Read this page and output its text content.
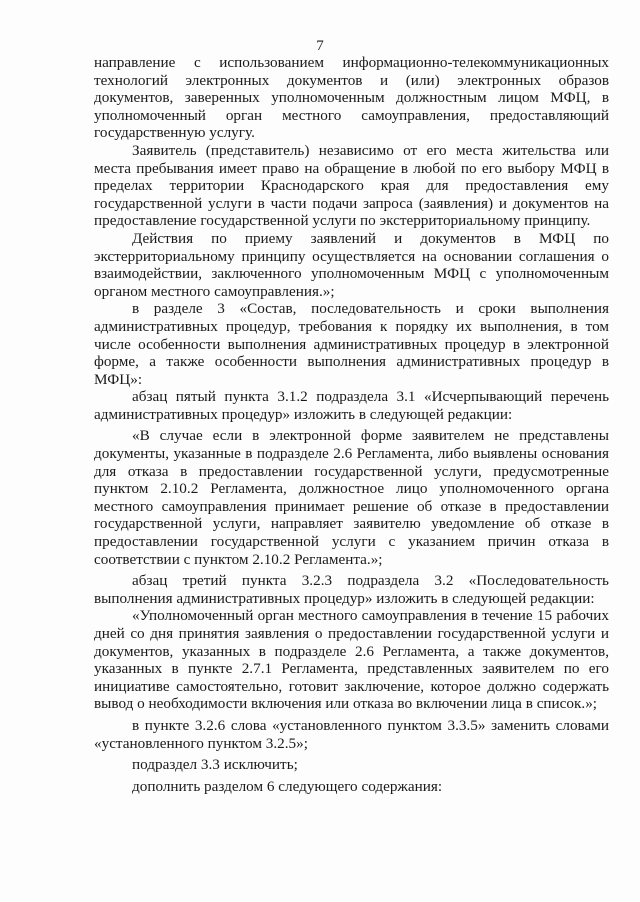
7

направление с использованием информационно-телекоммуникационных технологий электронных документов и (или) электронных образов документов, заверенных уполномоченным должностным лицом МФЦ, в уполномоченный орган местного самоуправления, предоставляющий государственную услугу.

Заявитель (представитель) независимо от его места жительства или места пребывания имеет право на обращение в любой по его выбору МФЦ в пределах территории Краснодарского края для предоставления ему государственной услуги в части подачи запроса (заявления) и документов на предоставление государственной услуги по экстерриториальному принципу.

Действия по приему заявлений и документов в МФЦ по экстерриториальному принципу осуществляется на основании соглашения о взаимодействии, заключенного уполномоченным МФЦ с уполномоченным органом местного самоуправления.»;

в разделе 3 «Состав, последовательность и сроки выполнения административных процедур, требования к порядку их выполнения, в том числе особенности выполнения административных процедур в электронной форме, а также особенности выполнения административных процедур в МФЦ»:

абзац пятый пункта 3.1.2 подраздела 3.1 «Исчерпывающий перечень административных процедур» изложить в следующей редакции:

«В случае если в электронной форме заявителем не представлены документы, указанные в подразделе 2.6 Регламента, либо выявлены основания для отказа в предоставлении государственной услуги, предусмотренные пунктом 2.10.2 Регламента, должностное лицо уполномоченного органа местного самоуправления принимает решение об отказе в предоставлении государственной услуги, направляет заявителю уведомление об отказе в предоставлении государственной услуги с указанием причин отказа в соответствии с пунктом 2.10.2 Регламента.»;

абзац третий пункта 3.2.3 подраздела 3.2 «Последовательность выполнения административных процедур» изложить в следующей редакции:

«Уполномоченный орган местного самоуправления в течение 15 рабочих дней со дня принятия заявления о предоставлении государственной услуги и документов, указанных в подразделе 2.6 Регламента, а также документов, указанных в пункте 2.7.1 Регламента, представленных заявителем по его инициативе самостоятельно, готовит заключение, которое должно содержать вывод о необходимости включения или отказа во включении лица в список.»;

в пункте 3.2.6 слова «установленного пунктом 3.3.5» заменить словами «установленного пунктом 3.2.5»;

подраздел 3.3 исключить;

дополнить разделом 6 следующего содержания:
